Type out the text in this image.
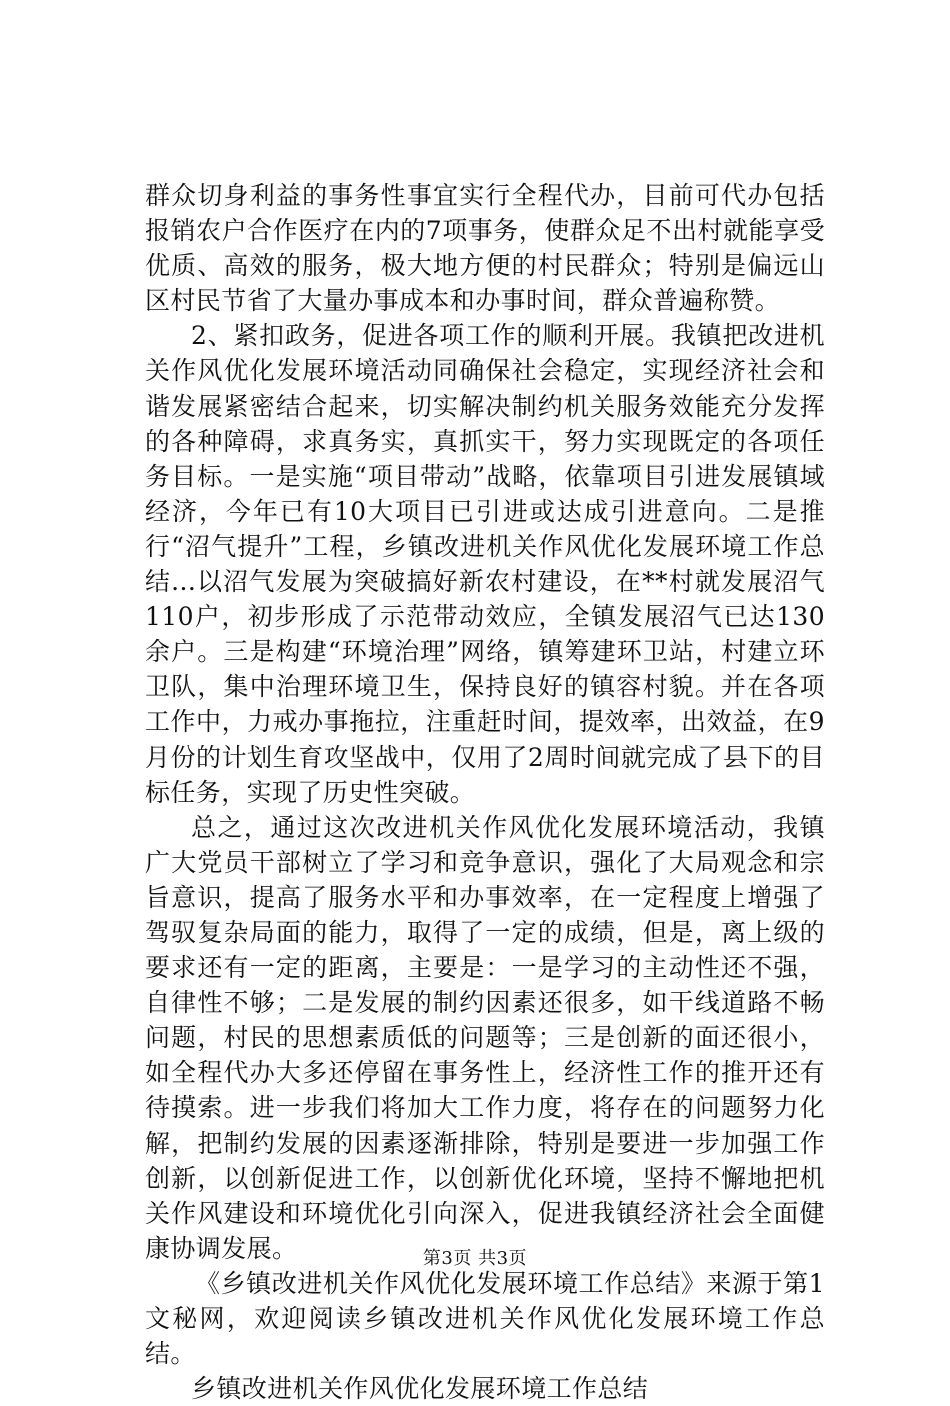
群众切身利益的事务性事宜实行全程代办，目前可代办包括报销农户合作医疗在内的7项事务，使群众足不出村就能享受优质、高效的服务，极大地方便的村民群众；特别是偏远山区村民节省了大量办事成本和办事时间，群众普遍称赞。

2、紧扣政务，促进各项工作的顺利开展。我镇把改进机关作风优化发展环境活动同确保社会稳定，实现经济社会和谐发展紧密结合起来，切实解决制约机关服务效能充分发挥的各种障碍，求真务实，真抓实干，努力实现既定的各项任务目标。一是实施“项目带动”战略，依靠项目引进发展镇域经济，今年已有10大项目已引进或达成引进意向。二是推行“沼气提升”工程，乡镇改进机关作风优化发展环境工作总结...以沼气发展为突破搞好新农村建设，在**村就发展沼气110户，初步形成了示范带动效应，全镇发展沼气已达130余户。三是构建“环境治理”网络，镇筹建环卫站，村建立环卫队，集中治理环境卫生，保持良好的镇容村貌。并在各项工作中，力戒办事拖拉，注重赶时间，提效率，出效益，在9月份的计划生育攻坚战中，仅用了2周时间就完成了县下的目标任务，实现了历史性突破。

总之，通过这次改进机关作风优化发展环境活动，我镇广大党员干部树立了学习和竞争意识，强化了大局观念和宗旨意识，提高了服务水平和办事效率，在一定程度上增强了驾驭复杂局面的能力，取得了一定的成绩，但是，离上级的要求还有一定的距离，主要是：一是学习的主动性还不强，自律性不够；二是发展的制约因素还很多，如干线道路不畅问题，村民的思想素质低的问题等；三是创新的面还很小，如全程代办大多还停留在事务性上，经济性工作的推开还有待摸索。进一步我们将加大工作力度，将存在的问题努力化解，把制约发展的因素逐渐排除，特别是要进一步加强工作创新，以创新促进工作，以创新优化环境，坚持不懈地把机关作风建设和环境优化引向深入，促进我镇经济社会全面健康协调发展。

《乡镇改进机关作风优化发展环境工作总结》来源于第1文秘网，欢迎阅读乡镇改进机关作风优化发展环境工作总结。

乡镇改进机关作风优化发展环境工作总结

第3页 共3页
